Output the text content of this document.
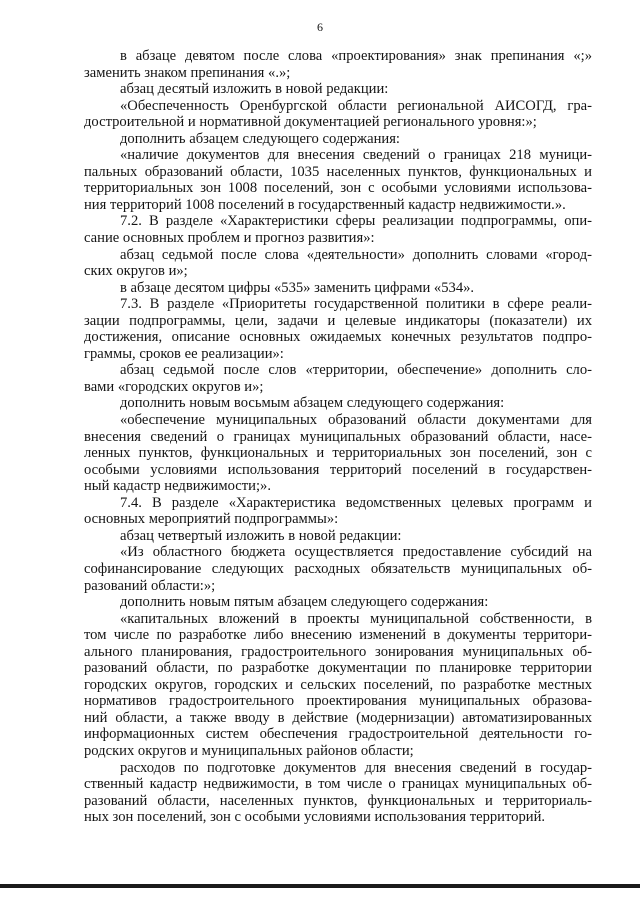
6
в абзаце девятом после слова «проектирования» знак препинания «;»
заменить знаком препинания «.»;
абзац десятый изложить в новой редакции:
«Обеспеченность Оренбургской области региональной АИСОГД, гра-
достроительной и нормативной документацией регионального уровня:»;
дополнить абзацем следующего содержания:
«наличие документов для внесения сведений о границах 218 муници-
пальных образований области, 1035 населенных пунктов, функциональных и
территориальных зон 1008 поселений, зон с особыми условиями использова-
ния территорий 1008 поселений в государственный кадастр недвижимости.».
7.2. В разделе «Характеристики сферы реализации подпрограммы, опи-
сание основных проблем и прогноз развития»:
абзац седьмой после слова «деятельности» дополнить словами «город-
ских округов и»;
в абзаце десятом цифры «535» заменить цифрами «534».
7.3. В разделе «Приоритеты государственной политики в сфере реали-
зации подпрограммы, цели, задачи и целевые индикаторы (показатели) их
достижения, описание основных ожидаемых конечных результатов подпро-
граммы, сроков ее реализации»:
абзац седьмой после слов «территории, обеспечение» дополнить сло-
вами «городских округов и»;
дополнить новым восьмым абзацем следующего содержания:
«обеспечение муниципальных образований области документами для
внесения сведений о границах муниципальных образований области, насе-
ленных пунктов, функциональных и территориальных зон поселений, зон с
особыми условиями использования территорий поселений в государствен-
ный кадастр недвижимости;».
7.4. В разделе «Характеристика ведомственных целевых программ и
основных мероприятий подпрограммы»:
абзац четвертый изложить в новой редакции:
«Из областного бюджета осуществляется предоставление субсидий на
софинансирование следующих расходных обязательств муниципальных об-
разований области:»;
дополнить новым пятым абзацем следующего содержания:
«капитальных вложений в проекты муниципальной собственности, в
том числе по разработке либо внесению изменений в документы территори-
ального планирования, градостроительного зонирования муниципальных об-
разований области, по разработке документации по планировке территории
городских округов, городских и сельских поселений, по разработке местных
нормативов градостроительного проектирования муниципальных образова-
ний области, а также вводу в действие (модернизации) автоматизированных
информационных систем обеспечения градостроительной деятельности го-
родских округов и муниципальных районов области;
расходов по подготовке документов для внесения сведений в государ-
ственный кадастр недвижимости, в том числе о границах муниципальных об-
разований области, населенных пунктов, функциональных и территориаль-
ных зон поселений, зон с особыми условиями использования территорий.
